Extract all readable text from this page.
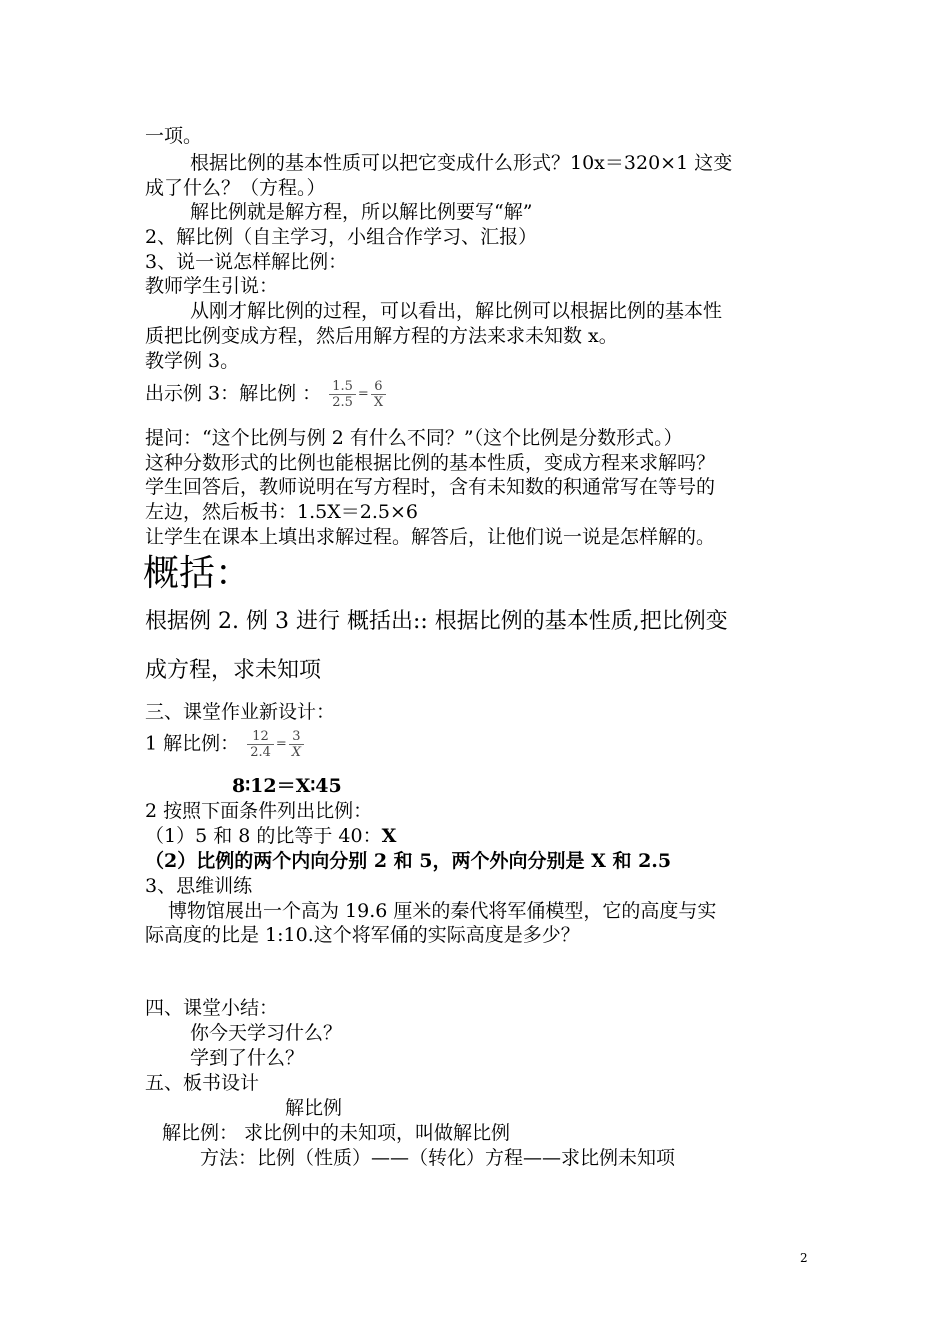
一项。
根据比例的基本性质可以把它变成什么形式？10x＝320×1 这变
成了什么？（方程。）
解比例就是解方程，所以解比例要写“解”
2、解比例（自主学习，小组合作学习、汇报）
3、说一说怎样解比例：
教师学生引说：
从刚才解比例的过程，可以看出，解比例可以根据比例的基本性
质把比例变成方程，然后用解方程的方法来求未知数 x。
教学例 3。
出示例 3：解比例 ： $\frac{1.5}{2.5} = \frac{6}{X}$
提问：“这个比例与例 2 有什么不同？”（这个比例是分数形式。）
这种分数形式的比例也能根据比例的基本性质，变成方程来求解吗？
学生回答后，教师说明在写方程时，含有未知数的积通常写在等号的
左边，然后板书：1.5X＝2.5×6
让学生在课本上填出求解过程。解答后，让他们说一说是怎样解的。
概括：
根据例 2. 例 3 进行 概括出:: 根据比例的基本性质,把比例变
成方程，求未知项
三、课堂作业新设计：
1 解比例： $\frac{12}{2.4} = \frac{3}{X}$
8∶12＝X∶45
2 按照下面条件列出比例：
（1）5 和 8 的比等于 40：X
（2）比例的两个内向分别 2 和 5，两个外向分别是 X 和 2.5
3、思维训练
博物馆展出一个高为 19.6 厘米的秦代将军俑模型，它的高度与实
际高度的比是 1:10.这个将军俑的实际高度是多少？
四、课堂小结：
你今天学习什么？
学到了什么？
五、板书设计
解比例
解比例： 求比例中的未知项，叫做解比例
方法：比例（性质）——（转化）方程——求比例未知项
2
